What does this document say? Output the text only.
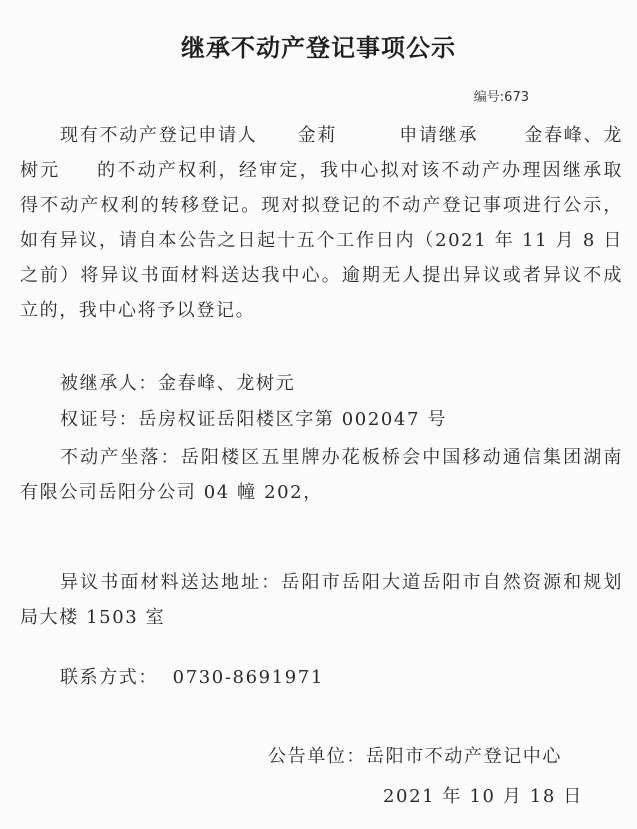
继承不动产登记事项公示
编号:673

现有不动产登记申请人 金莉	申请继承	金春峰、龙树元 的不动产权利，经审定，我中心拟对该不动产办理因继承取得不动产权利的转移登记。现对拟登记的不动产登记事项进行公示，如有异议，请自本公告之日起十五个工作日内（2021 年 11 月 8 日之前）将异议书面材料送达我中心。逾期无人提出异议或者异议不成立的，我中心将予以登记。

被继承人：金春峰、龙树元

权证号：岳房权证岳阳楼区字第 002047 号

不动产坐落：岳阳楼区五里牌办花板桥会中国移动通信集团湖南有限公司岳阳分公司 04 幢 202，

异议书面材料送达地址：岳阳市岳阳大道岳阳市自然资源和规划局大楼 1503 室

联系方式：  0730-8691971

公告单位：岳阳市不动产登记中心
2021 年 10 月 18 日
